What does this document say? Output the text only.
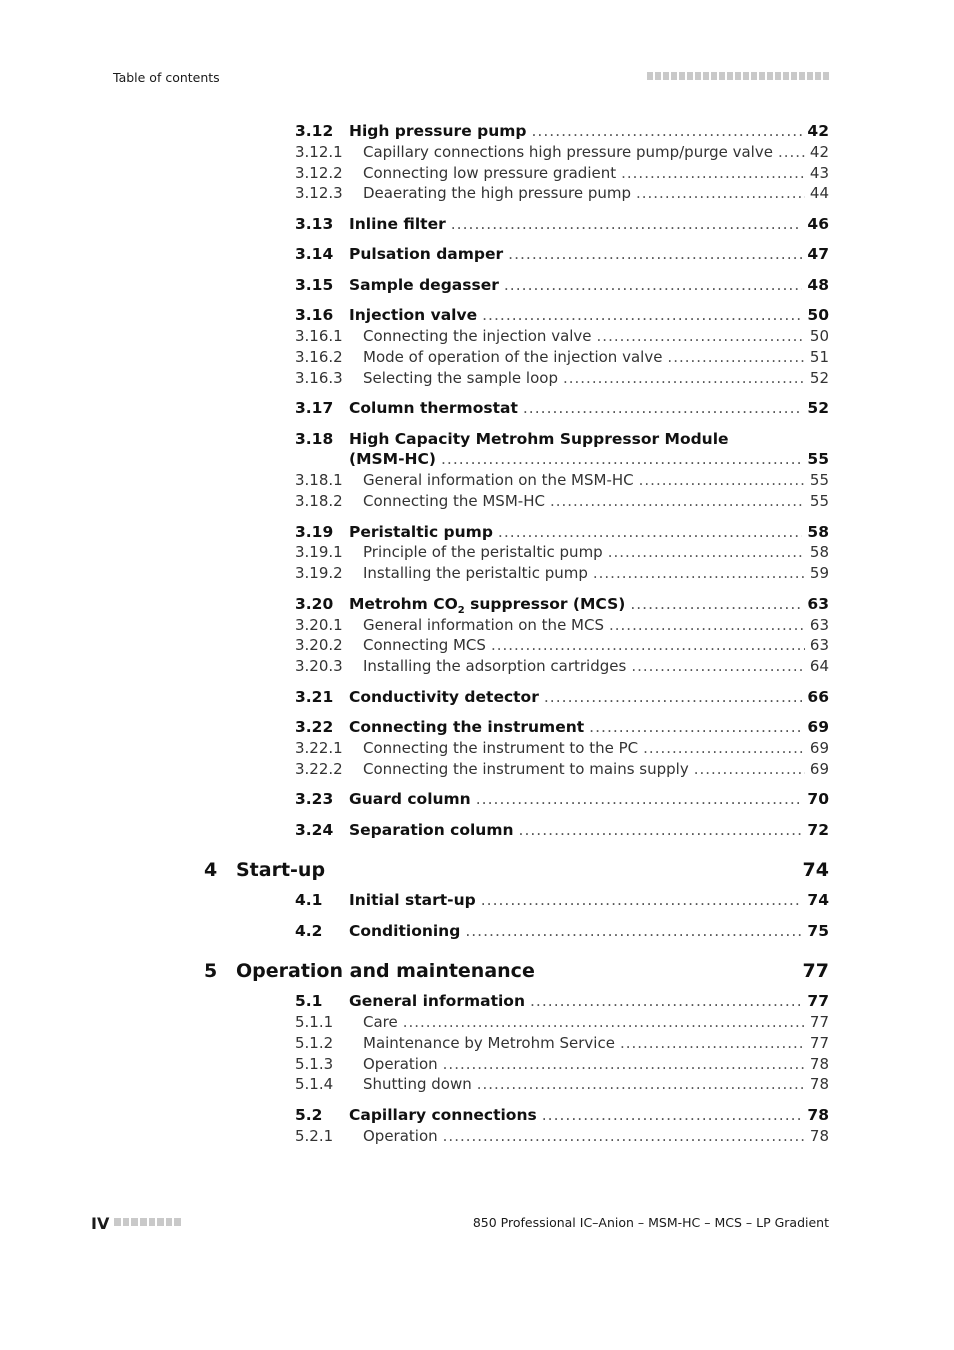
Table of contents
3.12	High pressure pump .....	42
3.12.1	Capillary connections high pressure pump/purge valve ..... 42
3.12.2	Connecting low pressure gradient .....	43
3.12.3	Deaerating the high pressure pump .....	44
3.13	Inline filter .....	46
3.14	Pulsation damper .....	47
3.15	Sample degasser .....	48
3.16	Injection valve .....	50
3.16.1	Connecting the injection valve .....	50
3.16.2	Mode of operation of the injection valve .....	51
3.16.3	Selecting the sample loop .....	52
3.17	Column thermostat .....	52
3.18	High Capacity Metrohm Suppressor Module
(MSM-HC) .....	55
3.18.1	General information on the MSM-HC .....	55
3.18.2	Connecting the MSM-HC .....	55
3.19	Peristaltic pump .....	58
3.19.1	Principle of the peristaltic pump .....	58
3.19.2	Installing the peristaltic pump .....	59
3.20	Metrohm $CO_2$ suppressor (MCS) .....	63
3.20.1	General information on the MCS .....	63
3.20.2	Connecting MCS .....	63
3.20.3	Installing the adsorption cartridges .....	64
3.21	Conductivity detector .....	66
3.22	Connecting the instrument .....	69
3.22.1	Connecting the instrument to the PC .....	69
3.22.2	Connecting the instrument to mains supply .....	69
3.23	Guard column .....	70
3.24	Separation column .....	72
4 Start-up	74
4.1	Initial start-up .....	74
4.2	Conditioning .....	75
5 Operation and maintenance	77
5.1	General information .....	77
5.1.1	Care .....	77
5.1.2	Maintenance by Metrohm Service .....	77
5.1.3	Operation .....	78
5.1.4	Shutting down .....	78
5.2	Capillary connections .....	78
5.2.1	Operation .....	78
IV	850 Professional IC–Anion – MSM-HC – MCS – LP Gradient
